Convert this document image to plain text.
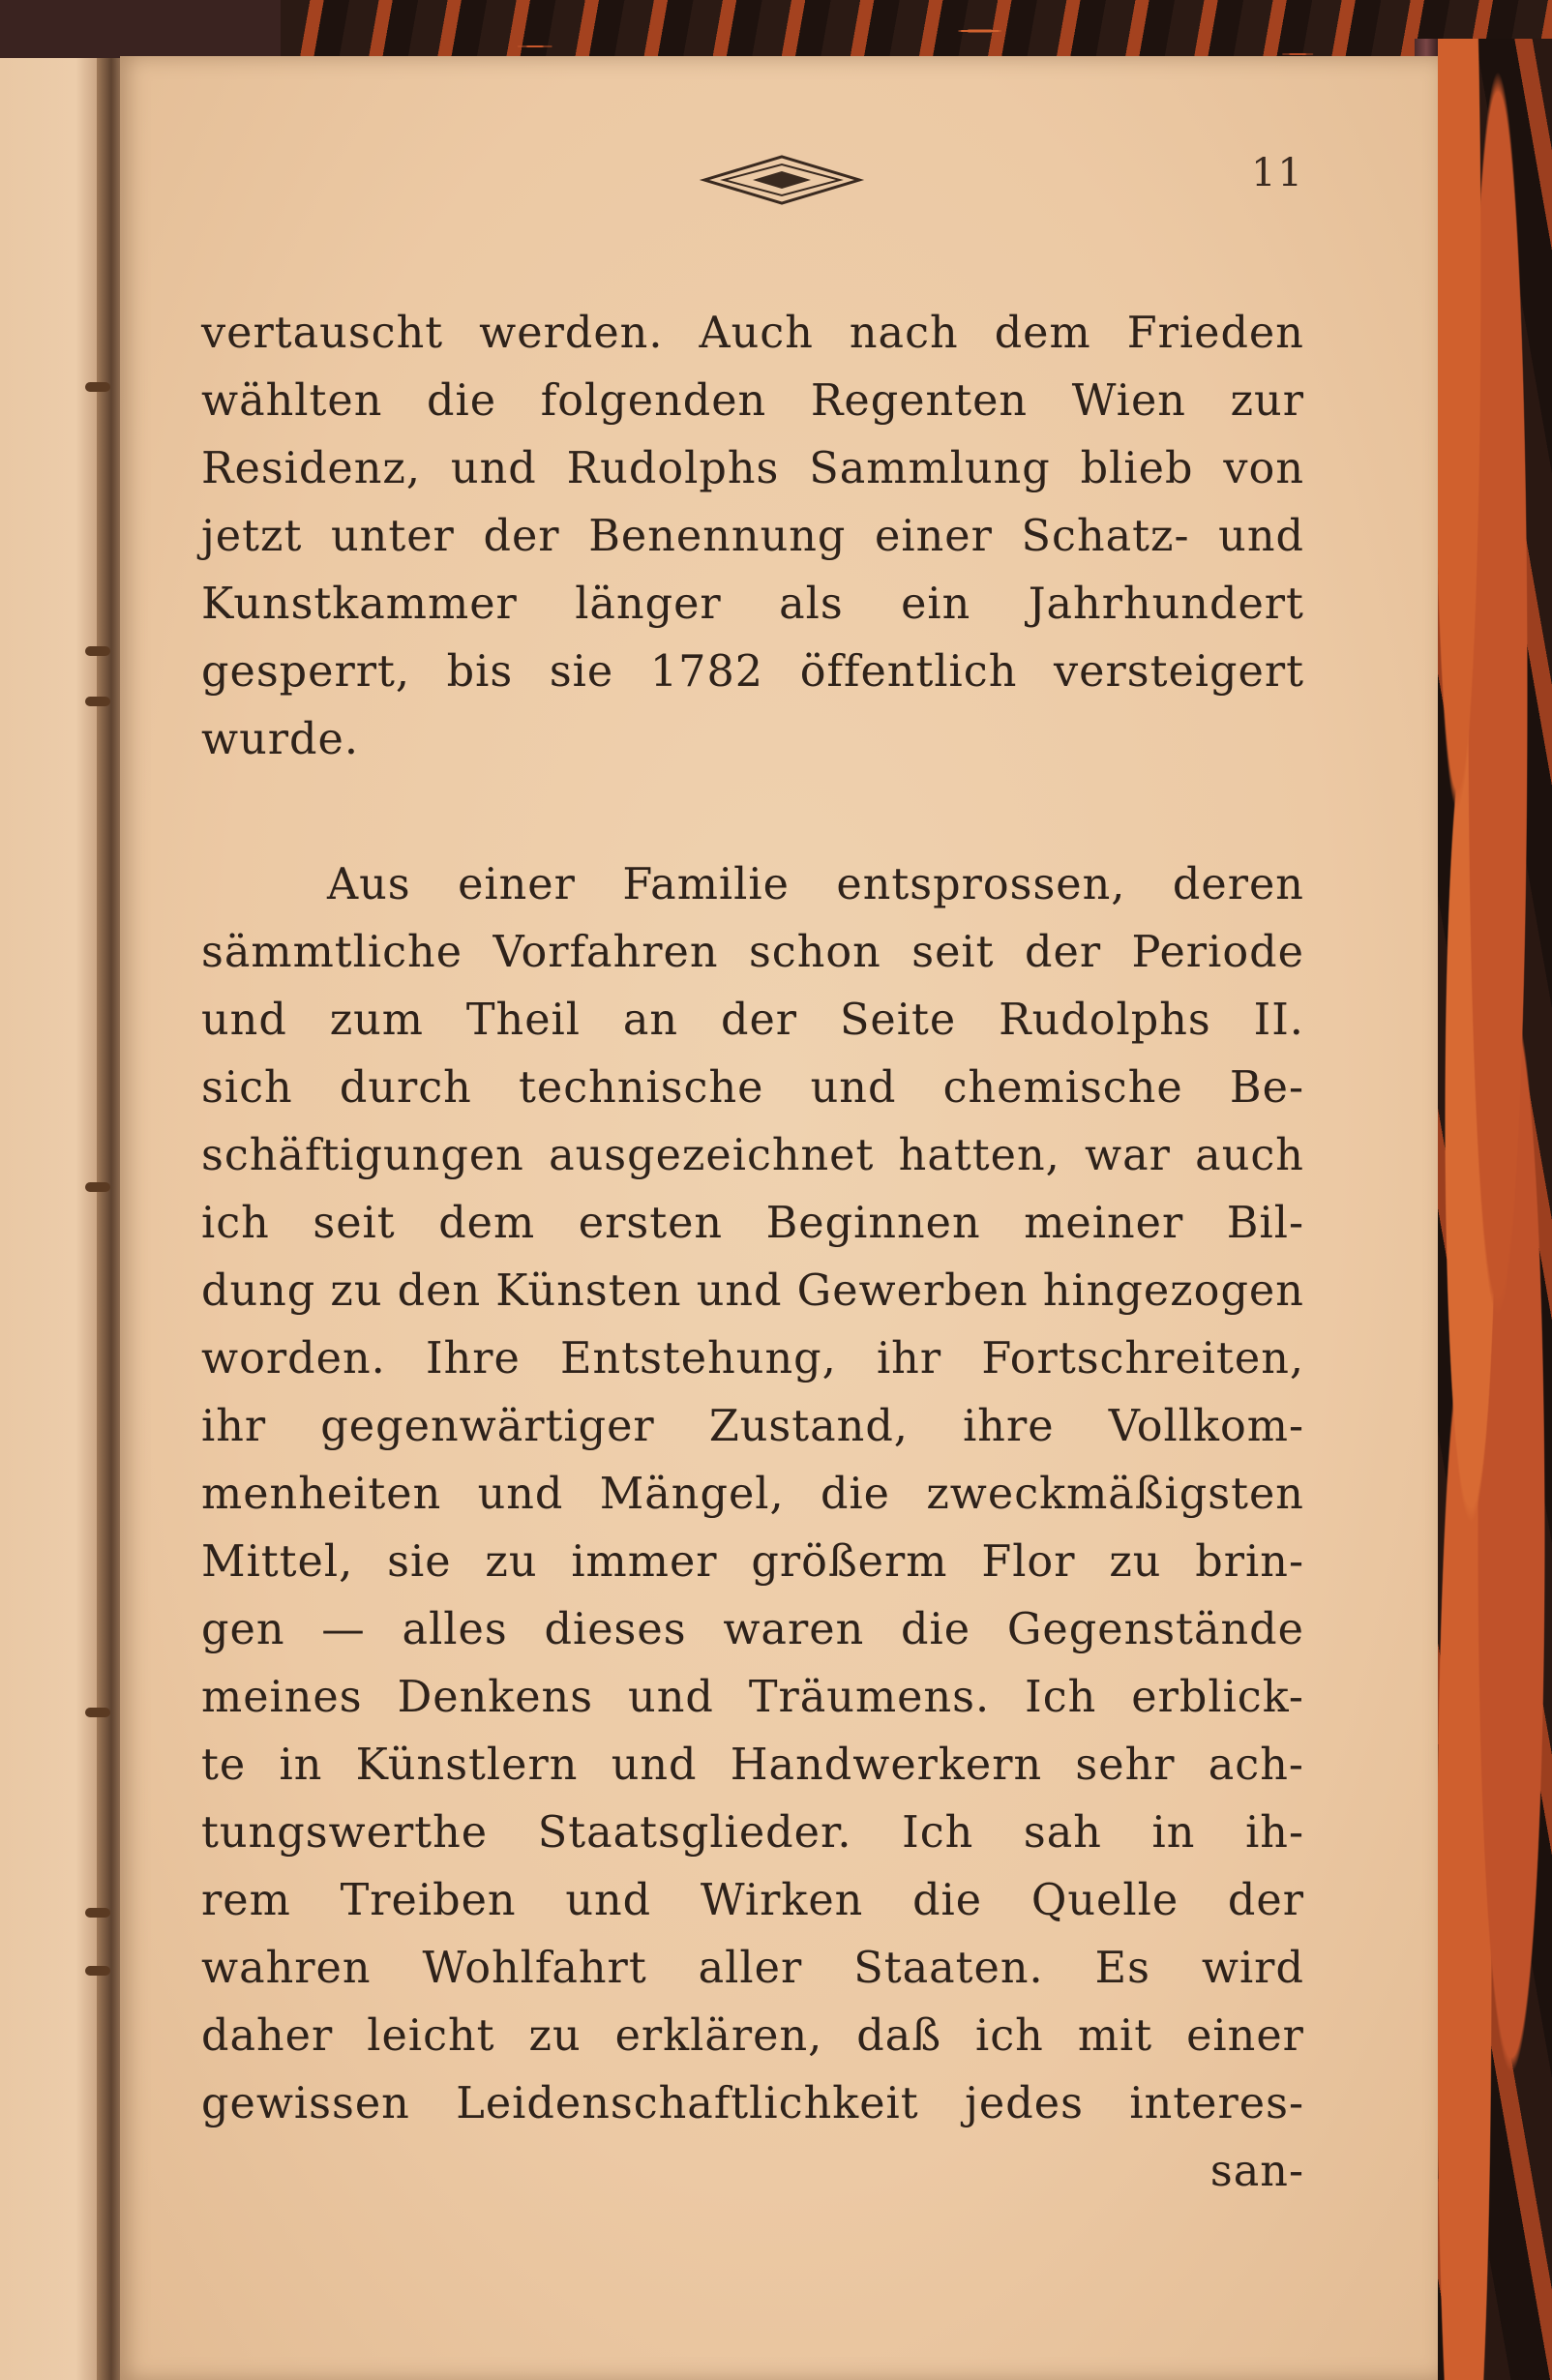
11
vertauscht werden. Auch nach dem Frieden
wählten die folgenden Regenten Wien zur
Residenz, und Rudolphs Sammlung blieb von
jetzt unter der Benennung einer Schatz- und
Kunstkammer länger als ein Jahrhundert
gesperrt, bis sie 1782 öffentlich versteigert
wurde.
Aus einer Familie entsprossen, deren
sämmtliche Vorfahren schon seit der Periode
und zum Theil an der Seite Rudolphs II.
sich durch technische und chemische Be-
schäftigungen ausgezeichnet hatten, war auch
ich seit dem ersten Beginnen meiner Bil-
dung zu den Künsten und Gewerben hingezogen
worden. Ihre Entstehung, ihr Fortschreiten,
ihr gegenwärtiger Zustand, ihre Vollkom-
menheiten und Mängel, die zweckmäßigsten
Mittel, sie zu immer größerm Flor zu brin-
gen — alles dieses waren die Gegenstände
meines Denkens und Träumens. Ich erblick-
te in Künstlern und Handwerkern sehr ach-
tungswerthe Staatsglieder. Ich sah in ih-
rem Treiben und Wirken die Quelle der
wahren Wohlfahrt aller Staaten. Es wird
daher leicht zu erklären, daß ich mit einer
gewissen Leidenschaftlichkeit jedes interes-
san-
